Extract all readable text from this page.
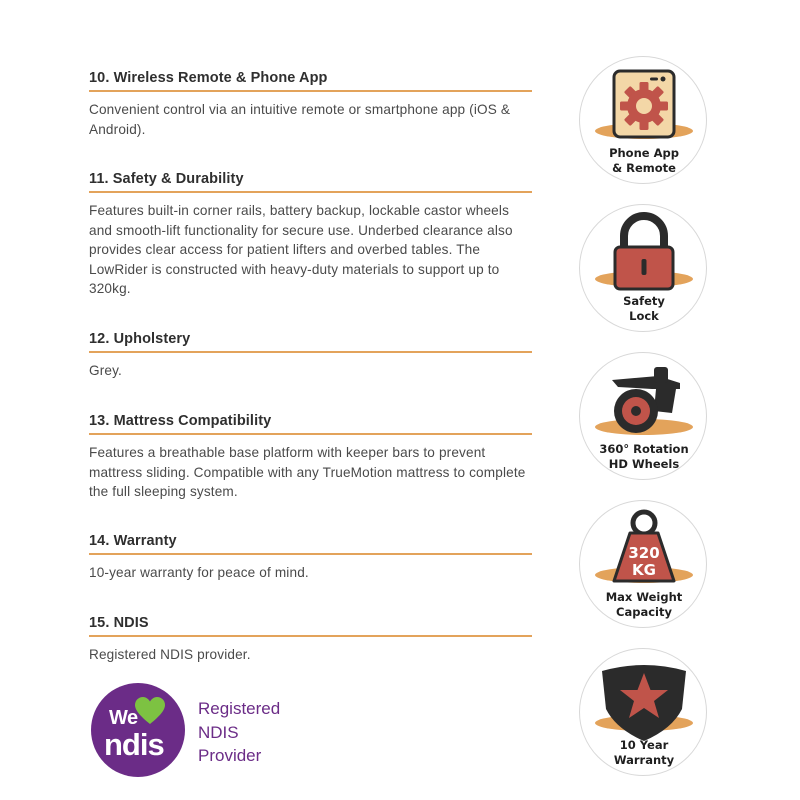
10. Wireless Remote & Phone App

Convenient control via an intuitive remote or smartphone app (iOS & Android).

11. Safety & Durability

Features built-in corner rails, battery backup, lockable castor wheels and smooth-lift functionality for secure use. Underbed clearance also provides clear access for patient lifters and overbed tables. The LowRider is constructed with heavy-duty materials to support up to 320kg.

12. Upholstery

Grey.

13. Mattress Compatibility

Features a breathable base platform with keeper bars to prevent mattress sliding. Compatible with any TrueMotion mattress to complete the full sleeping system.

14. Warranty

10-year warranty for peace of mind.

15. NDIS

Registered NDIS provider.

We
ndis
Registered
NDIS
Provider
Phone App
& Remote
Safety
Lock
360° Rotation
HD Wheels
320
KG
Max Weight
Capacity
10 Year
Warranty
